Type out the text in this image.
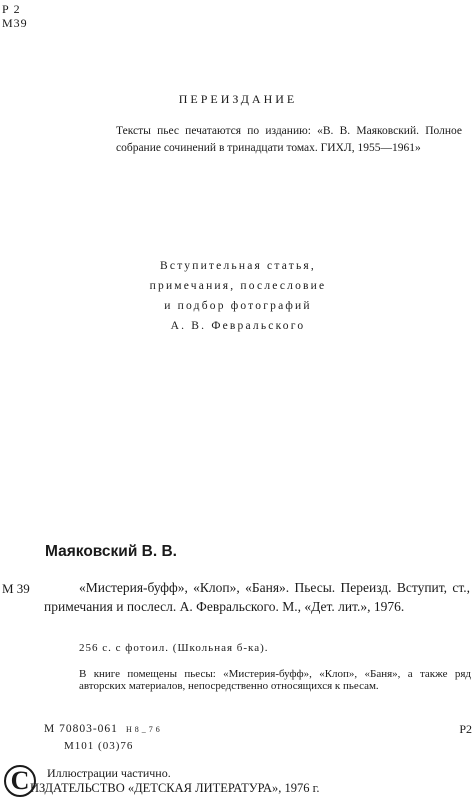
Р 2
М39
ПЕРЕИЗДАНИЕ
Тексты пьес печатаются по изданию: «В. В. Маяковский. Полное собрание сочинений в тринадцати томах. ГИХЛ, 1955—1961»
Вступительная статья,
примечания, послесловие
и подбор фотографий
А. В. Февральского
Маяковский В. В.
М 39	«Мистерия-буфф», «Клоп», «Баня». Пьесы. Переизд. Вступит, ст., примечания и послесл. А. Февральского. М., «Дет. лит.», 1976.
256 с. с фотоил. (Школьная б-ка).
В книге помещены пьесы: «Мистерия-буфф», «Клоп», «Баня», а также ряд авторских материалов, непосредственно относящихся к пьесам.
М 70803-061 Н8_76
М101 (03)76
Р2
C Иллюстрации частично.
ИЗДАТЕЛЬСТВО «ДЕТСКАЯ ЛИТЕРАТУРА», 1976 г.
